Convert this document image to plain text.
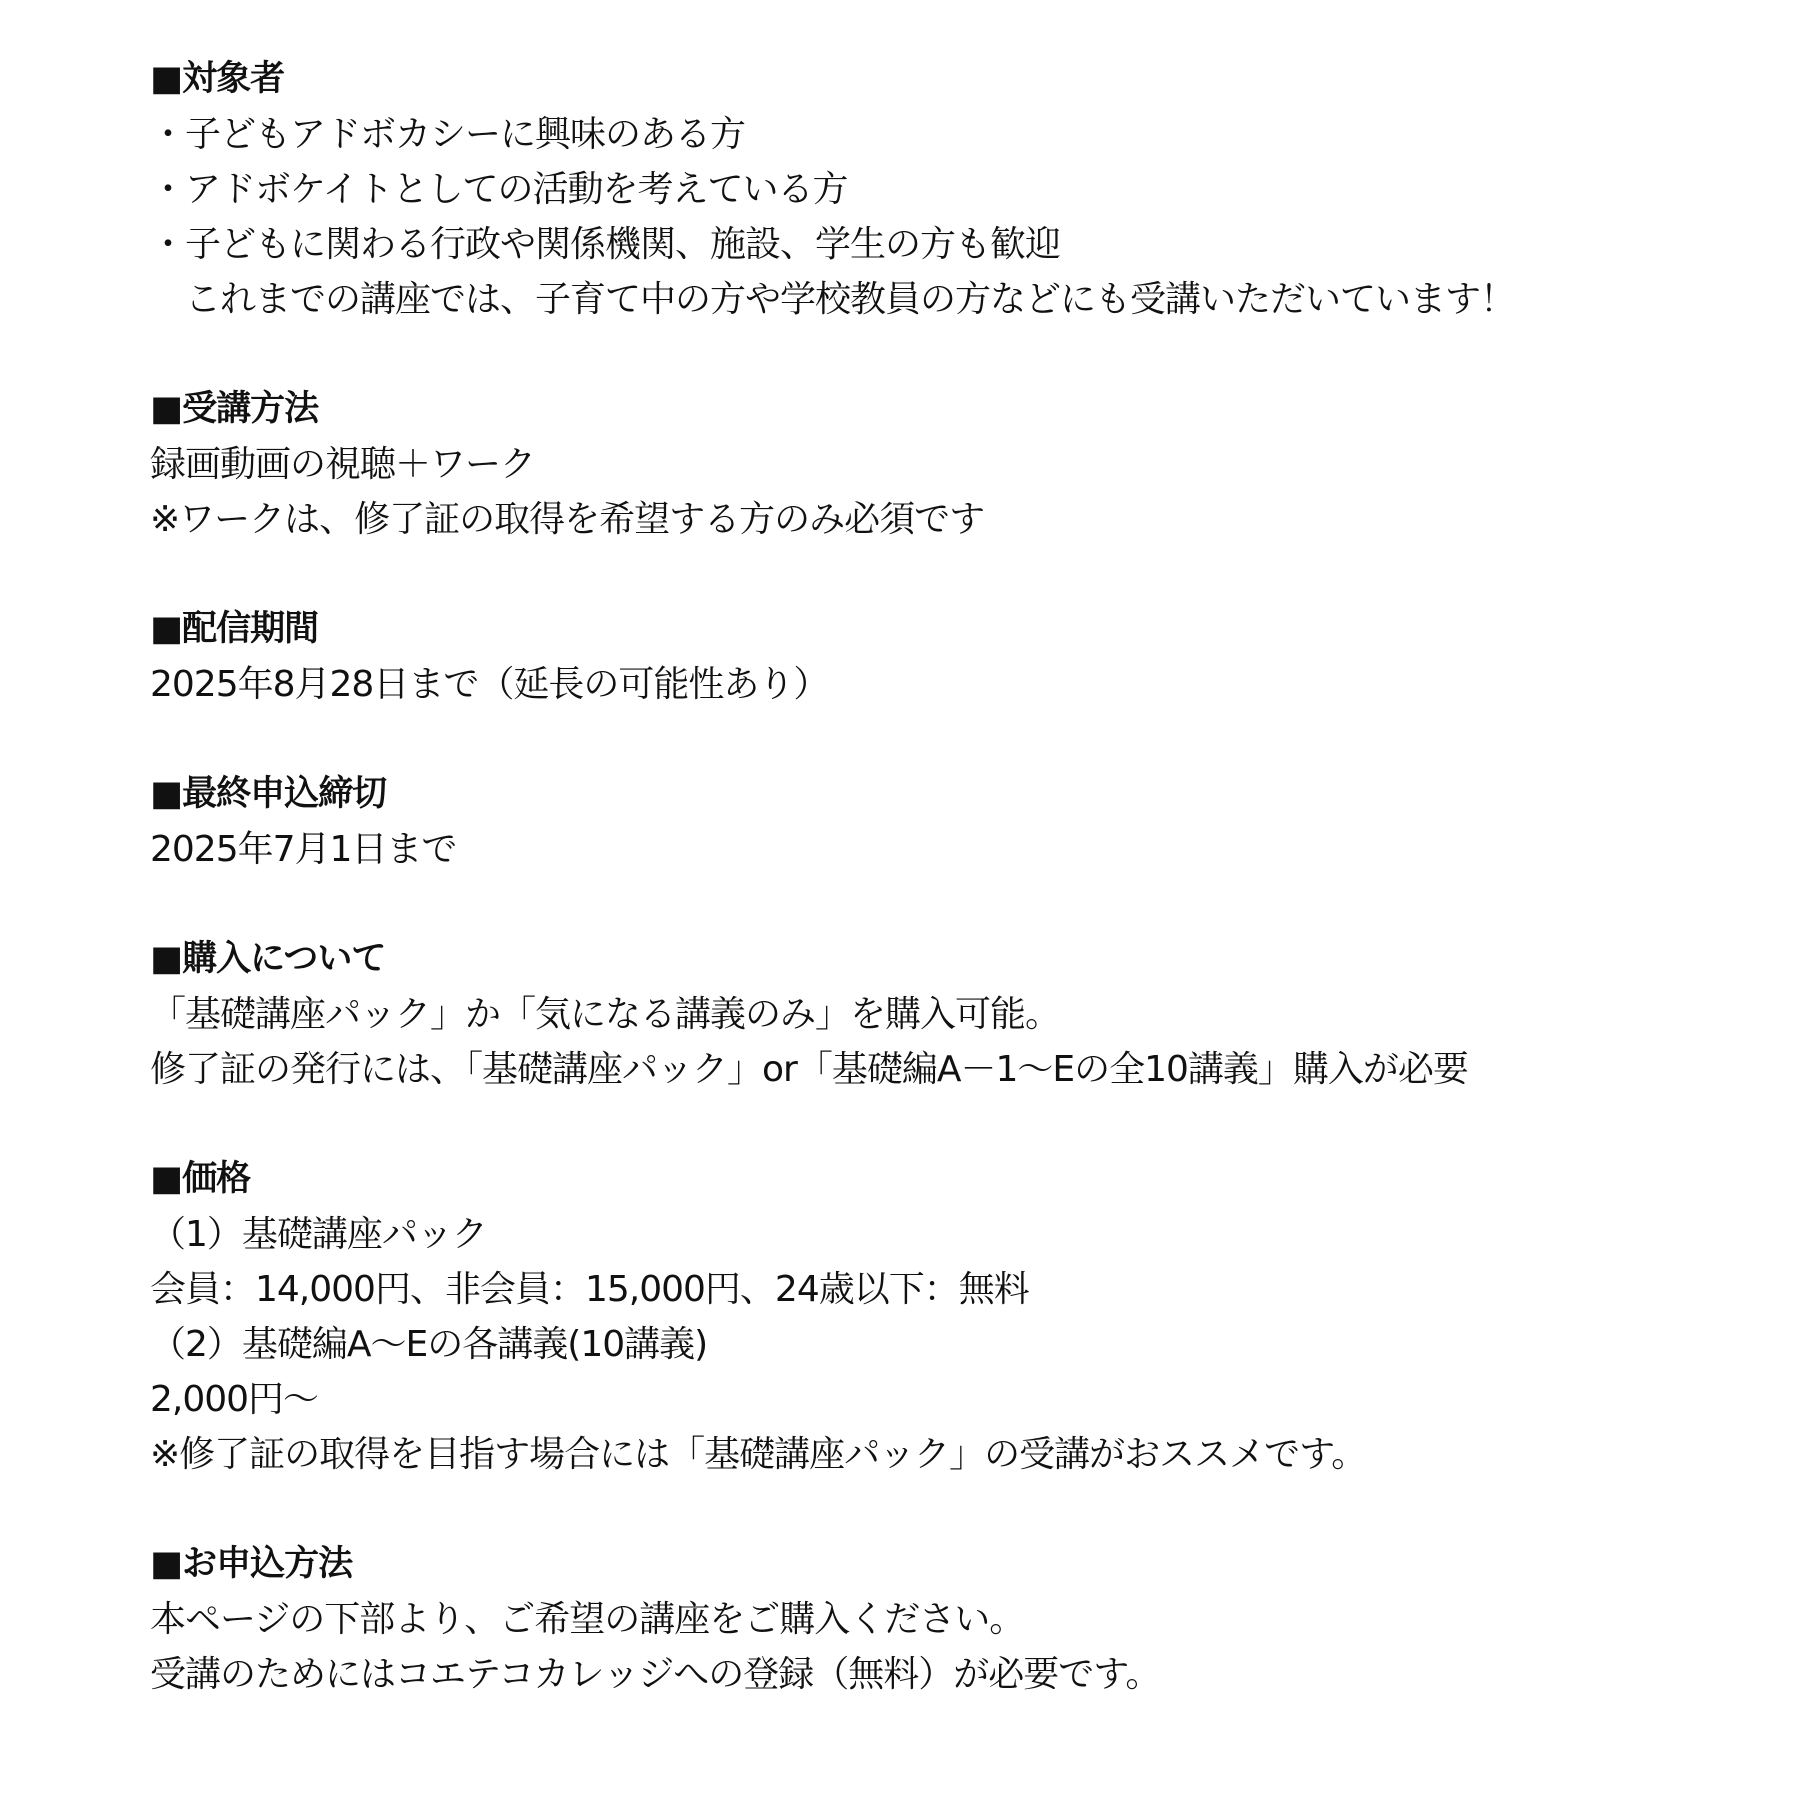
■対象者
・子どもアドボカシーに興味のある方
・アドボケイトとしての活動を考えている方
・子どもに関わる行政や関係機関、施設、学生の方も歓迎
　これまでの講座では、子育て中の方や学校教員の方などにも受講いただいています！
■受講方法
録画動画の視聴＋ワーク
※ワークは、修了証の取得を希望する方のみ必須です
■配信期間
2025年8月28日まで（延長の可能性あり）
■最終申込締切
2025年7月1日まで
■購入について
「基礎講座パック」か「気になる講義のみ」を購入可能。
修了証の発行には、「基礎講座パック」or「基礎編A－1～Eの全10講義」購入が必要
■価格
（1）基礎講座パック
会員：14,000円、非会員：15,000円、24歳以下：無料
（2）基礎編A～Eの各講義(10講義)
2,000円～
※修了証の取得を目指す場合には「基礎講座パック」の受講がおススメです。
■お申込方法
本ページの下部より、ご希望の講座をご購入ください。
受講のためにはコエテコカレッジへの登録（無料）が必要です。
